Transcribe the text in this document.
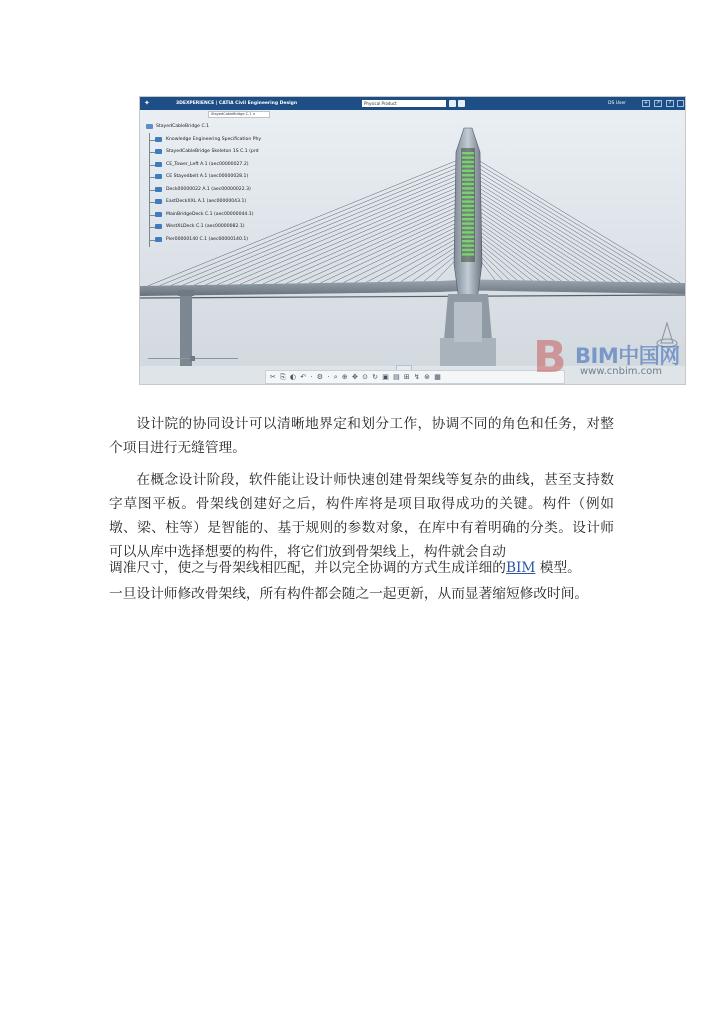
✦	3DEXPERIENCE | CATIA Civil Engineering Design	Physical Product	DS User	+	↗	?
StayedCableBridge C.1 ×
StayedCableBridge C.1
Knowledge Engineering Specification Phy
StayedCableBridge Skeleton 1S C.1 (prd
CE_Tower_Left A.1 (aec00000027.2)
CE Stayedbelt A.1 (aec00000028.1)
Deck00000022 A.1 (aec00000022.3)
EastDeckXXL A.1 (aec00000043.1)
MainBridgeDeck C.1 (aec00000044.1)
WestXLDeck C.1 (aec00000082.1)
Pier00000140 C.1 (aec00000140.1)
✂ ⎘ ◐ ↶ · ⚙ · ⌕ ⊕ ✥ ⊙ ↻ ▣ ▤ ⊞ ↯ ⊛ ▦	B BIM中国网
www.cnbim.com
设计院的协同设计可以清晰地界定和划分工作，协调不同的角色和任务，对整个项目进行无缝管理。
在概念设计阶段，软件能让设计师快速创建骨架线等复杂的曲线，甚至支持数字草图平板。骨架线创建好之后，构件库将是项目取得成功的关键。构件（例如墩、梁、柱等）是智能的、基于规则的参数对象，在库中有着明确的分类。设计师可以从库中选择想要的构件，将它们放到骨架线上，构件就会自动
调准尺寸，使之与骨架线相匹配，并以完全协调的方式生成详细的BIM 模型。
一旦设计师修改骨架线，所有构件都会随之一起更新，从而显著缩短修改时间。
